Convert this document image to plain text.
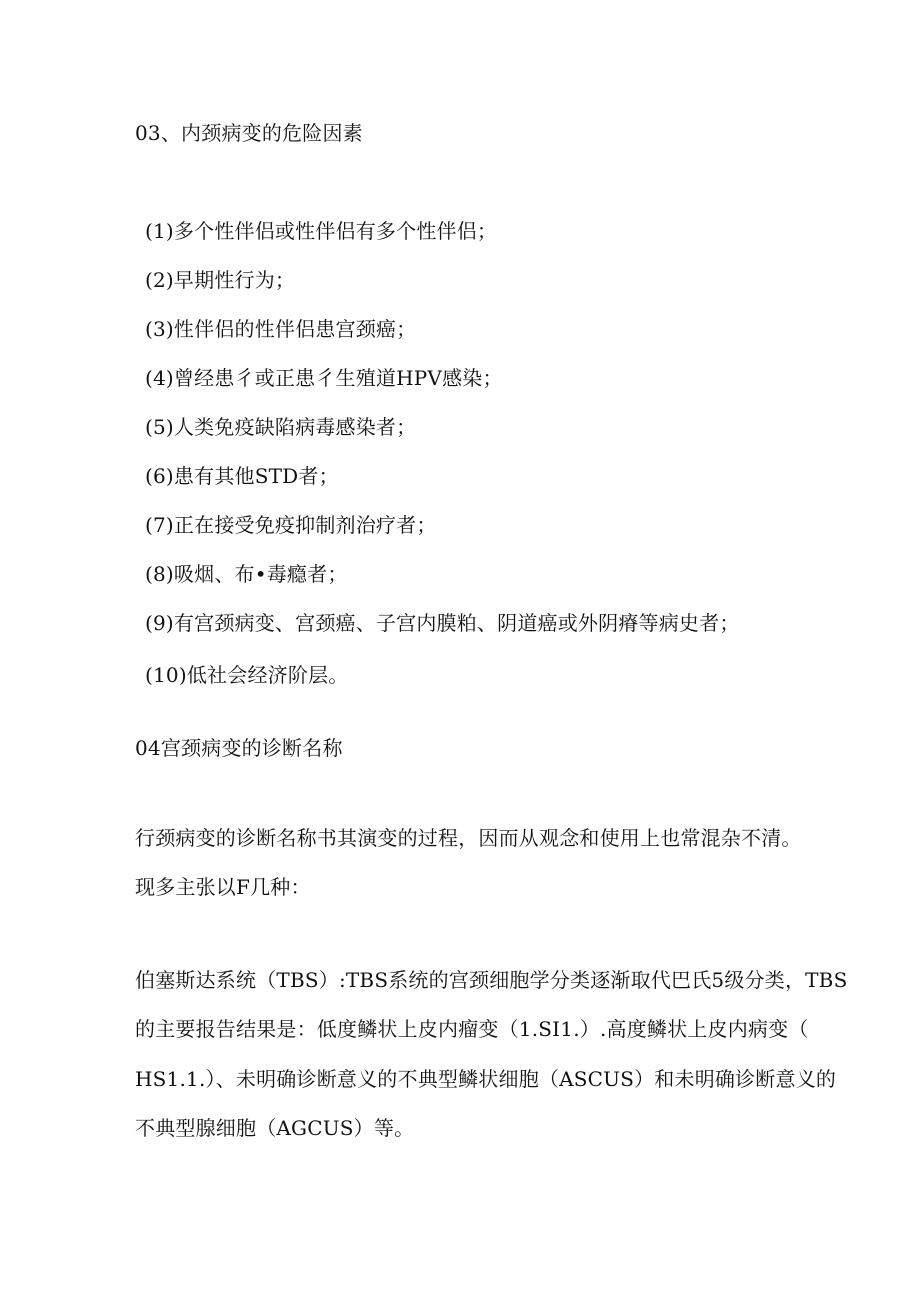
03、内颈病变的危险因素
(1)多个性伴侣或性伴侣有多个性伴侣；
(2)早期性行为；
(3)性伴侣的性伴侣患宫颈癌；
(4)曾经患彳或正患彳生殖道HPV感染；
(5)人类免疫缺陷病毒感染者；
(6)患有其他STD者；
(7)正在接受免疫抑制剂治疗者；
(8)吸烟、布•毒瘾者；
(9)有宫颈病变、宫颈癌、子宫内膜粕、阴道癌或外阴瘠等病史者；
(10)低社会经济阶层。
04宫颈病变的诊断名称
行颈病变的诊断名称书其演变的过程，因而从观念和使用上也常混杂不清。
现多主张以F几种：
伯塞斯达系统（TBS）:TBS系统的宫颈细胞学分类逐渐取代巴氏5级分类，TBS
的主要报告结果是：低度鳞状上皮内瘤变（1.SI1.）.高度鳞状上皮内病变（
HS1.1.）、未明确诊断意义的不典型鳞状细胞（ASCUS）和未明确诊断意义的
不典型腺细胞（AGCUS）等。
